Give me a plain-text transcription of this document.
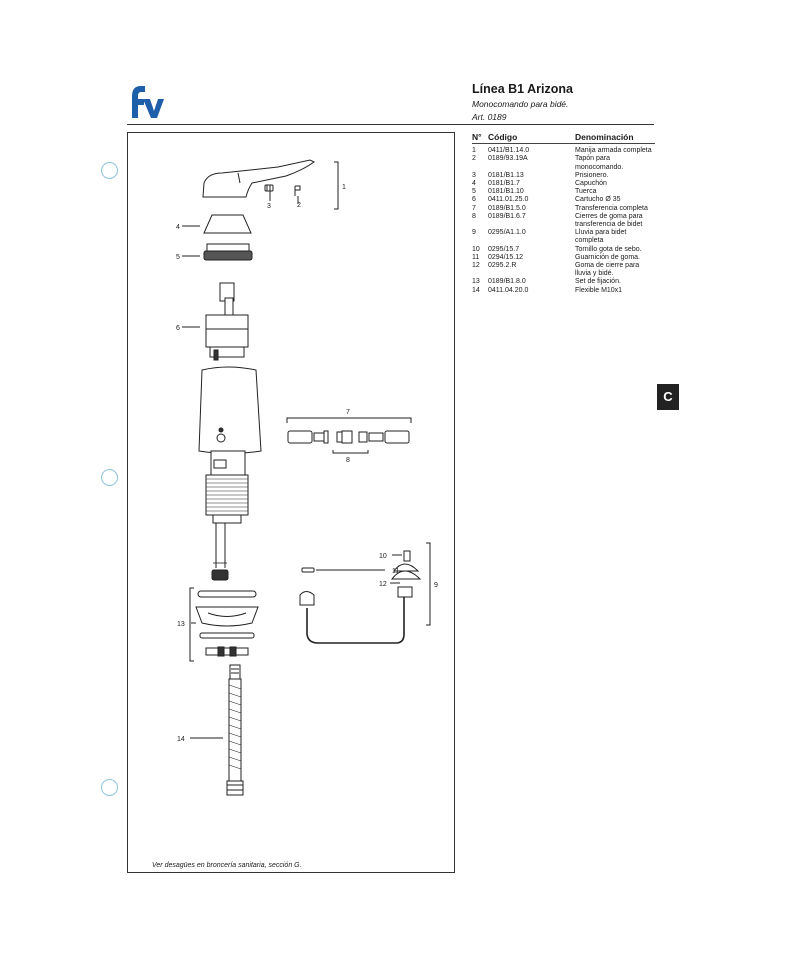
fv
Línea B1 Arizona
Monocomando para bidé.
Art. 0189
C
N° Código	Denominación
1	0411/B1.14.0	Manija armada completa
2	0189/93.19A	Tapón para monocomando.
3	0181/B1.13	Prisionero.
4	0181/B1.7	Capuchón
5	0181/B1.10	Tuerca
6	0411.01.25.0	Cartucho Ø 35
7	0189/B1.5.0	Transferencia completa
8	0189/B1.6.7	Cierres de goma para transferencia de bidet
9	0295/A1.1.0	Lluvia para bidet completa
10	0295/15.7	Tornillo gota de sebo.
11	0294/15.12	Guarnición de goma.
12	0295.2.R	Goma de cierre para lluvia y bidé.
13	0189/B1.8.0	Set de fijación.
14	0411.04.20.0	Flexible M10x1
1
2
3
4
5
6
7
8
9
10
11
12
13
14
Ver desagües en broncería sanitaria, sección G.
